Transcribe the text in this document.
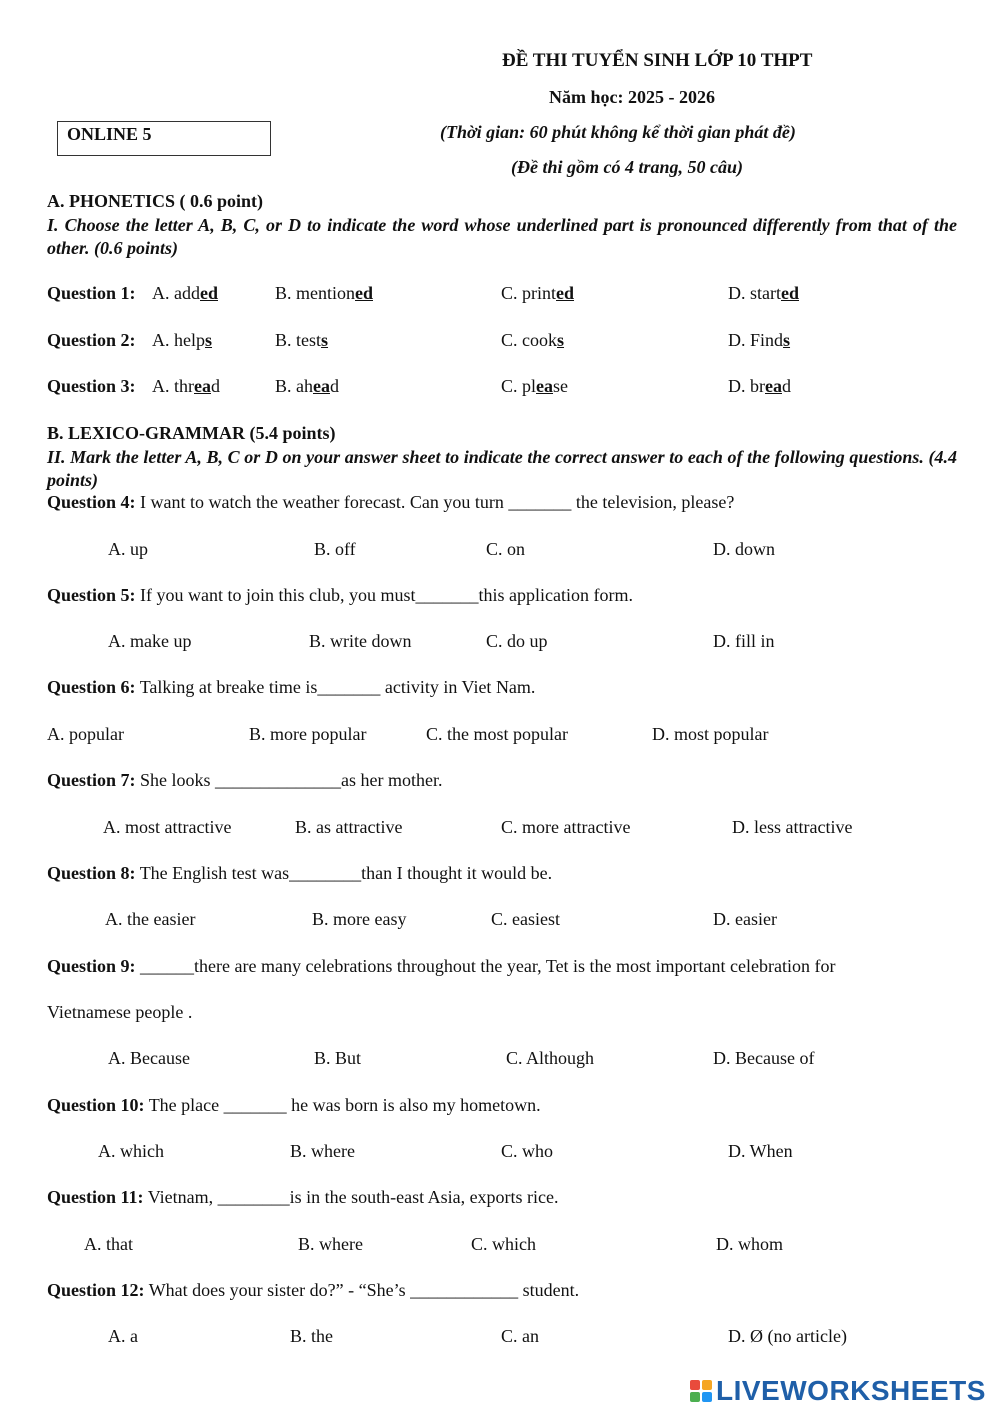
ĐỀ THI TUYỂN SINH LỚP 10 THPT
Năm học: 2025 - 2026
(Thời gian: 60 phút không kể thời gian phát đề)
(Đề thi gồm có 4 trang, 50 câu)
ONLINE 5
A. PHONETICS ( 0.6 point)
I. Choose the letter A, B, C, or D to indicate the word whose underlined part is pronounced differently from that of the other. (0.6 points)
Question 1: A. added	B. mentioned	C. printed	D. started
Question 2: A. helps	B. tests	C. cooks	D. Finds
Question 3: A. thread	B. ahead	C. please	D. bread
B. LEXICO-GRAMMAR (5.4 points)
II. Mark the letter A, B, C or D on your answer sheet to indicate the correct answer to each of the following questions. (4.4 points)
Question 4: I want to watch the weather forecast. Can you turn _______ the television, please?
A. up	B. off	C. on	D. down
Question 5: If you want to join this club, you must_______this application form.
A. make up	B. write down	C. do up	D. fill in
Question 6: Talking at breake time is_______ activity in Viet Nam.
A. popular	B. more popular	C. the most popular	D. most popular
Question 7: She looks ______________as her mother.
A. most attractive	B. as attractive	C. more attractive	D. less attractive
Question 8: The English test was________than I thought it would be.
A. the easier	B. more easy	C. easiest	D. easier
Question 9: ______there are many celebrations throughout the year, Tet is the most important celebration for
Vietnamese people .
A. Because	B. But	C. Although	D. Because of
Question 10: The place _______ he was born is also my hometown.
A. which	B. where	C. who	D. When
Question 11: Vietnam, ________is in the south-east Asia, exports rice.
A. that	B. where	C. which	D. whom
Question 12: What does your sister do?” - “She’s ____________ student.
A. a	B. the	C. an	D. Ø (no article)
LIVEWORKSHEETS
